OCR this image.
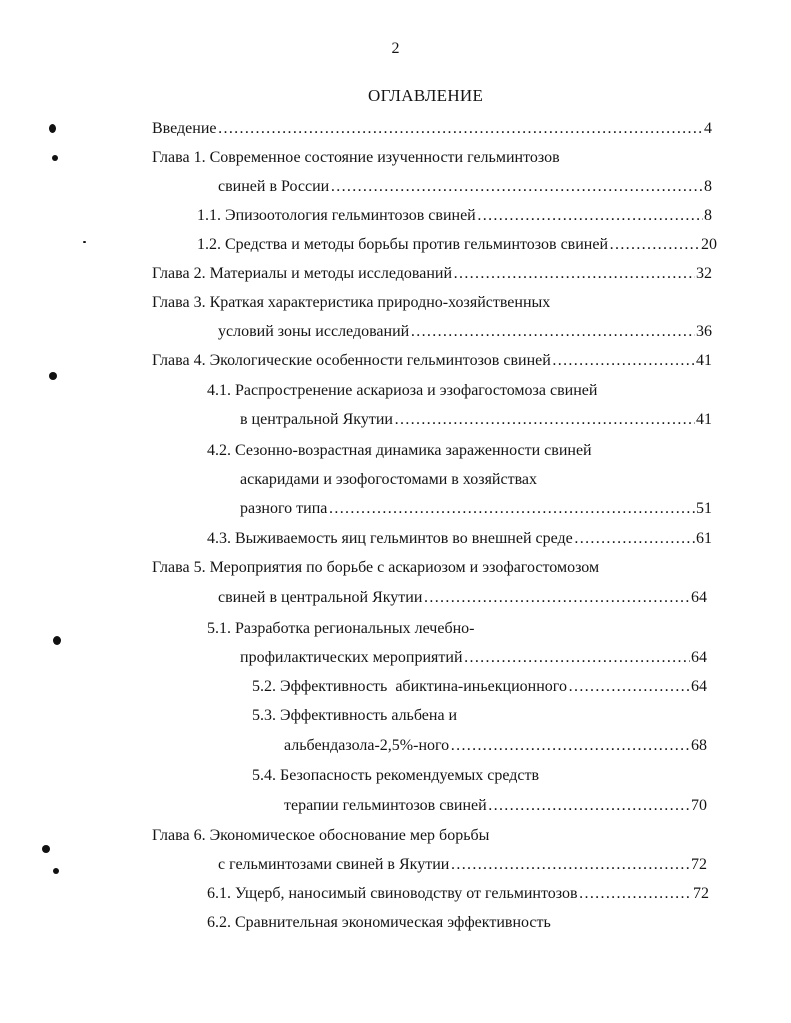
2
ОГЛАВЛЕНИЕ
Введение …………………………………………………………………………………………………………………………………………………………………………………………	4
Глава 1. Современное состояние изученности гельминтозов
свиней в России …………………………………………………………………………………………………………………………………………………………………………………………	8
1.1. Эпизоотология гельминтозов свиней …………………………………………………………………………………………………………………………………………………………………………………………	8
1.2. Средства и методы борьбы против гельминтозов свиней …………………………………………………………………………………………………………………………………………………………………………………………	20
Глава 2. Материалы и методы исследований …………………………………………………………………………………………………………………………………………………………………………………………	32
Глава 3. Краткая характеристика природно-хозяйственных
условий зоны исследований …………………………………………………………………………………………………………………………………………………………………………………………	36
Глава 4. Экологические особенности гельминтозов свиней …………………………………………………………………………………………………………………………………………………………………………………………	41
4.1. Распростренение аскариоза и эзофагостомоза свиней
в центральной Якутии …………………………………………………………………………………………………………………………………………………………………………………………	41
4.2. Сезонно-возрастная динамика зараженности свиней
аскаридами и эзофогостомами в хозяйствах
разного типа …………………………………………………………………………………………………………………………………………………………………………………………	51
4.3. Выживаемость яиц гельминтов во внешней среде …………………………………………………………………………………………………………………………………………………………………………………………	61
Глава 5. Мероприятия по борьбе с аскариозом и эзофагостомозом
свиней в центральной Якутии …………………………………………………………………………………………………………………………………………………………………………………………	64
5.1. Разработка региональных лечебно-
профилактических мероприятий …………………………………………………………………………………………………………………………………………………………………………………………	64
5.2. Эффективность  абиктина-иньекционного …………………………………………………………………………………………………………………………………………………………………………………………	64
5.3. Эффективность альбена и
альбендазола-2,5%-ного …………………………………………………………………………………………………………………………………………………………………………………………	68
5.4. Безопасность рекомендуемых средств
терапии гельминтозов свиней …………………………………………………………………………………………………………………………………………………………………………………………	70
Глава 6. Экономическое обоснование мер борьбы
с гельминтозами свиней в Якутии …………………………………………………………………………………………………………………………………………………………………………………………	72
6.1. Ущерб, наносимый свиноводству от гельминтозов …………………………………………………………………………………………………………………………………………………………………………………………	72
6.2. Сравнительная экономическая эффективность
